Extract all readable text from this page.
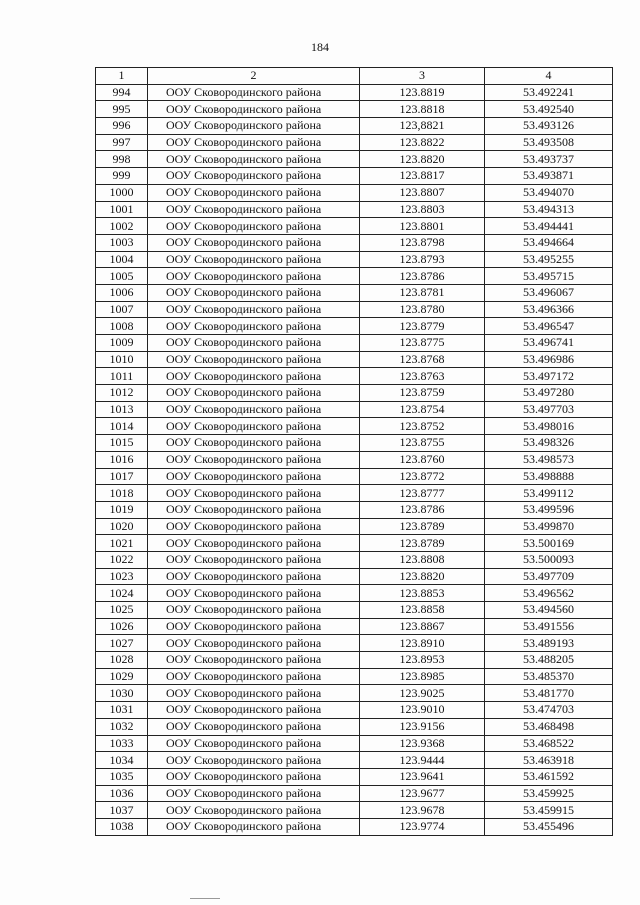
184
1	2	3	4
994	ООУ Сковородинского района	123.8819	53.492241
995	ООУ Сковородинского района	123.8818	53.492540
996	ООУ Сковородинского района	123,8821	53.493126
997	ООУ Сковородинского района	123.8822	53.493508
998	ООУ Сковородинского района	123.8820	53.493737
999	ООУ Сковородинского района	123.8817	53.493871
1000	ООУ Сковородинского района	123.8807	53.494070
1001	ООУ Сковородинского района	123.8803	53.494313
1002	ООУ Сковородинского района	123.8801	53.494441
1003	ООУ Сковородинского района	123.8798	53.494664
1004	ООУ Сковородинского района	123.8793	53.495255
1005	ООУ Сковородинского района	123.8786	53.495715
1006	ООУ Сковородинского района	123.8781	53.496067
1007	ООУ Сковородинского района	123.8780	53.496366
1008	ООУ Сковородинского района	123.8779	53.496547
1009	ООУ Сковородинского района	123.8775	53.496741
1010	ООУ Сковородинского района	123.8768	53.496986
1011	ООУ Сковородинского района	123.8763	53.497172
1012	ООУ Сковородинского района	123.8759	53.497280
1013	ООУ Сковородинского района	123.8754	53.497703
1014	ООУ Сковородинского района	123.8752	53.498016
1015	ООУ Сковородинского района	123.8755	53.498326
1016	ООУ Сковородинского района	123.8760	53.498573
1017	ООУ Сковородинского района	123.8772	53.498888
1018	ООУ Сковородинского района	123.8777	53.499112
1019	ООУ Сковородинского района	123.8786	53.499596
1020	ООУ Сковородинского района	123.8789	53.499870
1021	ООУ Сковородинского района	123.8789	53.500169
1022	ООУ Сковородинского района	123.8808	53.500093
1023	ООУ Сковородинского района	123.8820	53.497709
1024	ООУ Сковородинского района	123.8853	53.496562
1025	ООУ Сковородинского района	123.8858	53.494560
1026	ООУ Сковородинского района	123.8867	53.491556
1027	ООУ Сковородинского района	123.8910	53.489193
1028	ООУ Сковородинского района	123.8953	53.488205
1029	ООУ Сковородинского района	123.8985	53.485370
1030	ООУ Сковородинского района	123.9025	53.481770
1031	ООУ Сковородинского района	123.9010	53.474703
1032	ООУ Сковородинского района	123.9156	53.468498
1033	ООУ Сковородинского района	123.9368	53.468522
1034	ООУ Сковородинского района	123.9444	53.463918
1035	ООУ Сковородинского района	123.9641	53.461592
1036	ООУ Сковородинского района	123.9677	53.459925
1037	ООУ Сковородинского района	123.9678	53.459915
1038	ООУ Сковородинского района	123.9774	53.455496
